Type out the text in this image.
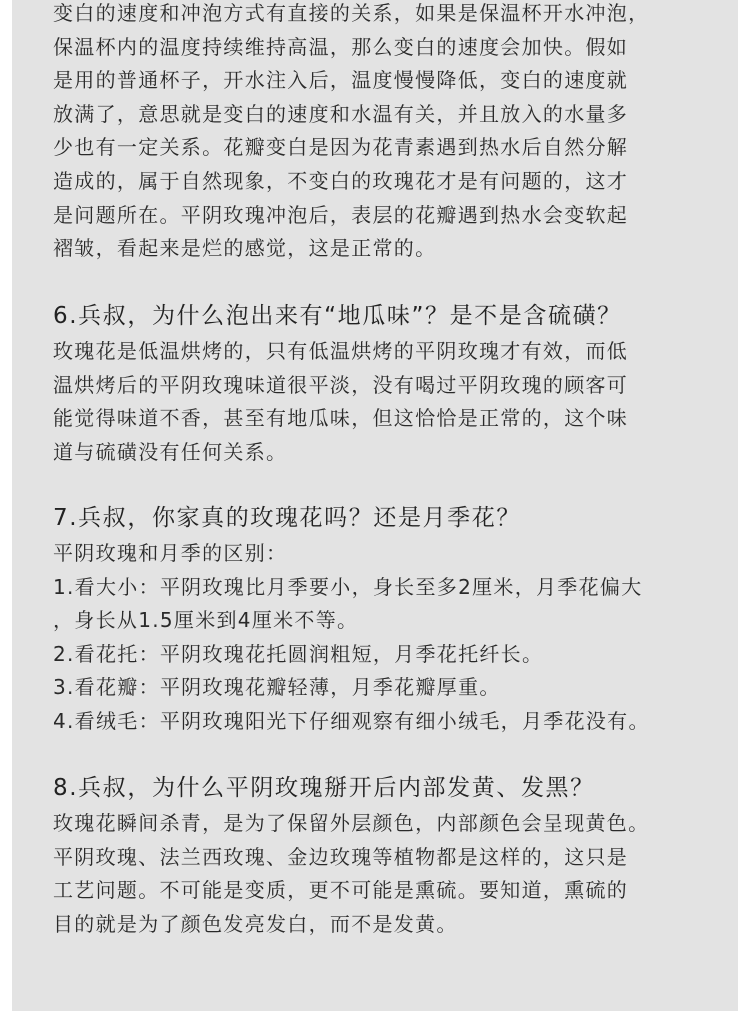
变白的速度和冲泡方式有直接的关系，如果是保温杯开水冲泡，

保温杯内的温度持续维持高温，那么变白的速度会加快。假如

是用的普通杯子，开水注入后，温度慢慢降低，变白的速度就

放满了，意思就是变白的速度和水温有关，并且放入的水量多

少也有一定关系。花瓣变白是因为花青素遇到热水后自然分解

造成的，属于自然现象，不变白的玫瑰花才是有问题的，这才

是问题所在。平阴玫瑰冲泡后，表层的花瓣遇到热水会变软起

褶皱，看起来是烂的感觉，这是正常的。

6.兵叔，为什么泡出来有“地瓜味”？是不是含硫磺？

玫瑰花是低温烘烤的，只有低温烘烤的平阴玫瑰才有效，而低

温烘烤后的平阴玫瑰味道很平淡，没有喝过平阴玫瑰的顾客可

能觉得味道不香，甚至有地瓜味，但这恰恰是正常的，这个味

道与硫磺没有任何关系。

7.兵叔，你家真的玫瑰花吗？还是月季花？

平阴玫瑰和月季的区别：

1.看大小：平阴玫瑰比月季要小，身长至多2厘米，月季花偏大

，身长从1.5厘米到4厘米不等。

2.看花托：平阴玫瑰花托圆润粗短，月季花托纤长。

3.看花瓣：平阴玫瑰花瓣轻薄，月季花瓣厚重。

4.看绒毛：平阴玫瑰阳光下仔细观察有细小绒毛，月季花没有。

8.兵叔，为什么平阴玫瑰掰开后内部发黄、发黑？

玫瑰花瞬间杀青，是为了保留外层颜色，内部颜色会呈现黄色。

平阴玫瑰、法兰西玫瑰、金边玫瑰等植物都是这样的，这只是

工艺问题。不可能是变质，更不可能是熏硫。要知道，熏硫的

目的就是为了颜色发亮发白，而不是发黄。
